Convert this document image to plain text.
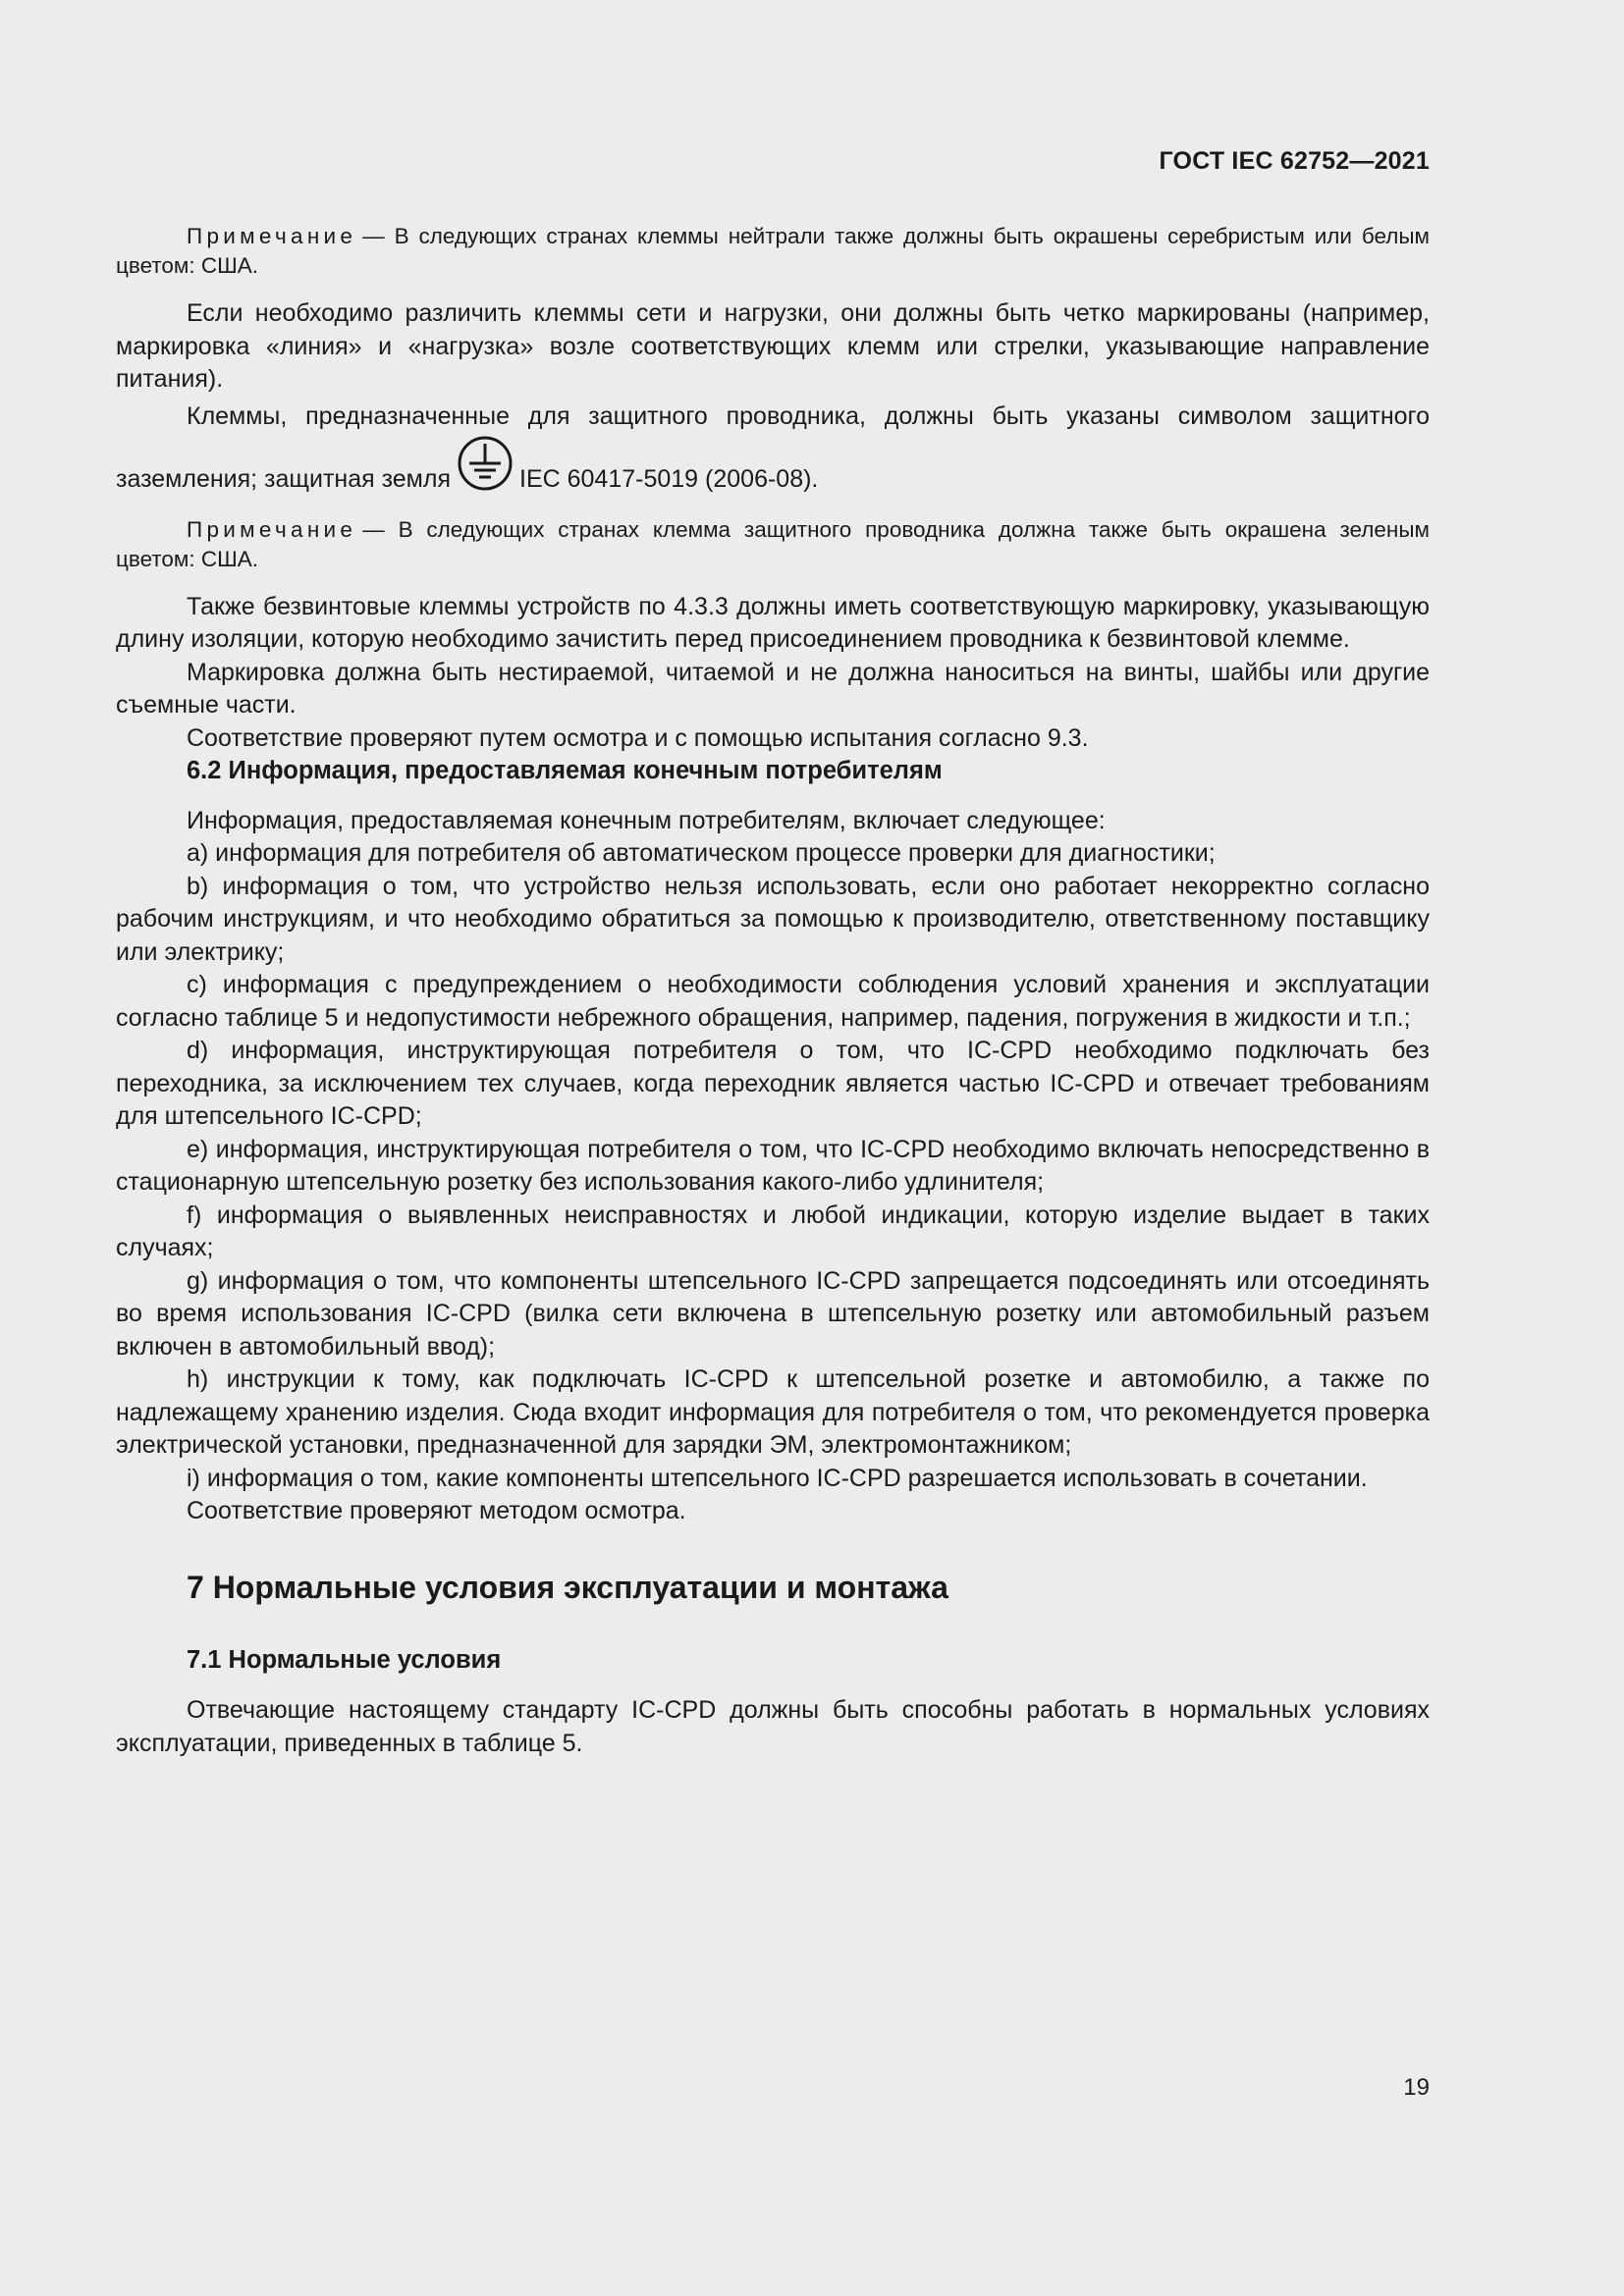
ГОСТ IEC 62752—2021

Примечание — В следующих странах клеммы нейтрали также должны быть окрашены серебристым или белым цветом: США.

Если необходимо различить клеммы сети и нагрузки, они должны быть четко маркированы (например, маркировка «линия» и «нагрузка» возле соответствующих клемм или стрелки, указывающие направление питания).

Клеммы, предназначенные для защитного проводника, должны быть указаны символом защитного заземления; защитная земля	IEC 60417-5019 (2006-08).

Примечание — В следующих странах клемма защитного проводника должна также быть окрашена зеленым цветом: США.

Также безвинтовые клеммы устройств по 4.3.3 должны иметь соответствующую маркировку, указывающую длину изоляции, которую необходимо зачистить перед присоединением проводника к безвинтовой клемме.

Маркировка должна быть нестираемой, читаемой и не должна наноситься на винты, шайбы или другие съемные части.

Соответствие проверяют путем осмотра и с помощью испытания согласно 9.3.

6.2 Информация, предоставляемая конечным потребителям

Информация, предоставляемая конечным потребителям, включает следующее:

a) информация для потребителя об автоматическом процессе проверки для диагностики;

b) информация о том, что устройство нельзя использовать, если оно работает некорректно согласно рабочим инструкциям, и что необходимо обратиться за помощью к производителю, ответственному поставщику или электрику;

c) информация с предупреждением о необходимости соблюдения условий хранения и эксплуатации согласно таблице 5 и недопустимости небрежного обращения, например, падения, погружения в жидкости и т.п.;

d) информация, инструктирующая потребителя о том, что IC-CPD необходимо подключать без переходника, за исключением тех случаев, когда переходник является частью IC-CPD и отвечает требованиям для штепсельного IC-CPD;

e) информация, инструктирующая потребителя о том, что IC-CPD необходимо включать непосредственно в стационарную штепсельную розетку без использования какого-либо удлинителя;

f) информация о выявленных неисправностях и любой индикации, которую изделие выдает в таких случаях;

g) информация о том, что компоненты штепсельного IC-CPD запрещается подсоединять или отсоединять во время использования IC-CPD (вилка сети включена в штепсельную розетку или автомобильный разъем включен в автомобильный ввод);

h) инструкции к тому, как подключать IC-CPD к штепсельной розетке и автомобилю, а также по надлежащему хранению изделия. Сюда входит информация для потребителя о том, что рекомендуется проверка электрической установки, предназначенной для зарядки ЭМ, электромонтажником;

i) информация о том, какие компоненты штепсельного IC-CPD разрешается использовать в сочетании.

Соответствие проверяют методом осмотра.

7 Нормальные условия эксплуатации и монтажа

7.1 Нормальные условия

Отвечающие настоящему стандарту IC-CPD должны быть способны работать в нормальных условиях эксплуатации, приведенных в таблице 5.

19
